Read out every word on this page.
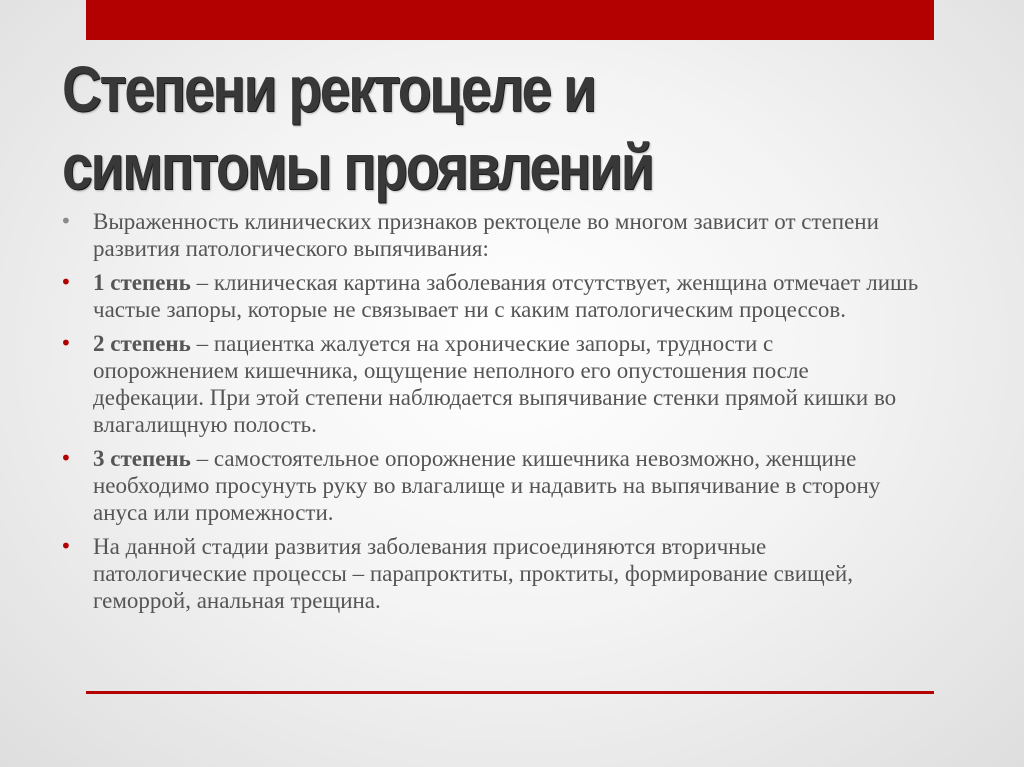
Степени ректоцеле и
симптомы проявлений
• Выраженность клинических признаков ректоцеле во многом зависит от степени развития патологического выпячивания:
• 1 степень – клиническая картина заболевания отсутствует, женщина отмечает лишь частые запоры, которые не связывает ни с каким патологическим процессов.
• 2 степень – пациентка жалуется на хронические запоры, трудности с опорожнением кишечника, ощущение неполного его опустошения после дефекации. При этой степени наблюдается выпячивание стенки прямой кишки во влагалищную полость.
• 3 степень – самостоятельное опорожнение кишечника невозможно, женщине необходимо просунуть руку во влагалище и надавить на выпячивание в сторону ануса или промежности.
• На данной стадии развития заболевания присоединяются вторичные патологические процессы – парапроктиты, проктиты, формирование свищей, геморрой, анальная трещина.
